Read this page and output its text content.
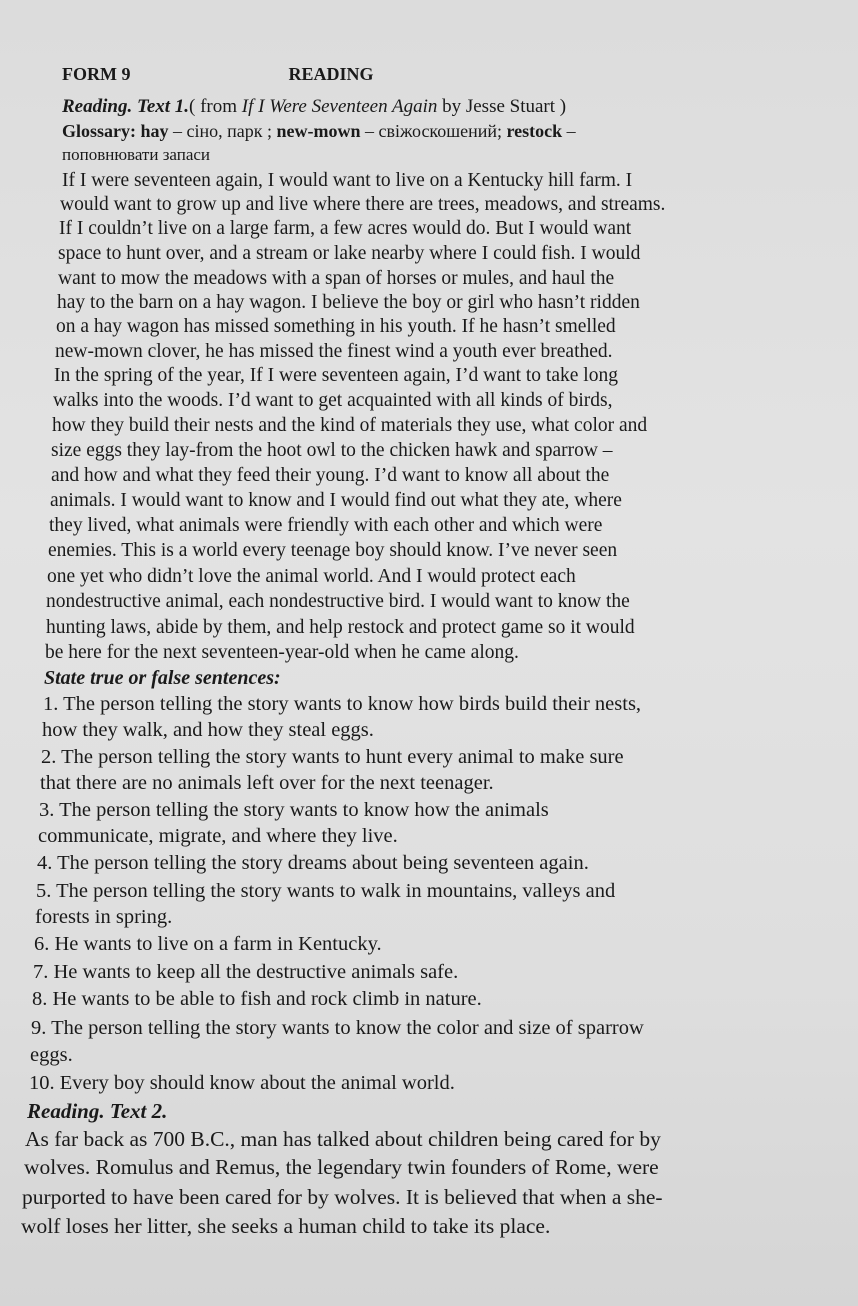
FORM 9	READING
Reading. Text 1.( from If I Were Seventeen Again by Jesse Stuart )
Glossary: hay – сіно, парк ; new-mown – свіжоскошений; restock –
поповнювати запаси
If I were seventeen again, I would want to live on a Kentucky hill farm. I
would want to grow up and live where there are trees, meadows, and streams.
If I couldn’t live on a large farm, a few acres would do. But I would want
space to hunt over, and a stream or lake nearby where I could fish. I would
want to mow the meadows with a span of horses or mules, and haul the
hay to the barn on a hay wagon. I believe the boy or girl who hasn’t ridden
on a hay wagon has missed something in his youth. If he hasn’t smelled
new-mown clover, he has missed the finest wind a youth ever breathed.
In the spring of the year, If I were seventeen again, I’d want to take long
walks into the woods. I’d want to get acquainted with all kinds of birds,
how they build their nests and the kind of materials they use, what color and
size eggs they lay-from the hoot owl to the chicken hawk and sparrow –
and how and what they feed their young. I’d want to know all about the
animals. I would want to know and I would find out what they ate, where
they lived, what animals were friendly with each other and which were
enemies. This is a world every teenage boy should know. I’ve never seen
one yet who didn’t love the animal world. And I would protect each
nondestructive animal, each nondestructive bird. I would want to know the
hunting laws, abide by them, and help restock and protect game so it would
be here for the next seventeen-year-old when he came along.
State true or false sentences:
1. The person telling the story wants to know how birds build their nests,
how they walk, and how they steal eggs.
2. The person telling the story wants to hunt every animal to make sure
that there are no animals left over for the next teenager.
3. The person telling the story wants to know how the animals
communicate, migrate, and where they live.
4. The person telling the story dreams about being seventeen again.
5. The person telling the story wants to walk in mountains, valleys and
forests in spring.
6. He wants to live on a farm in Kentucky.
7. He wants to keep all the destructive animals safe.
8. He wants to be able to fish and rock climb in nature.
9. The person telling the story wants to know the color and size of sparrow
eggs.
10. Every boy should know about the animal world.
Reading. Text 2.
As far back as 700 B.C., man has talked about children being cared for by
wolves. Romulus and Remus, the legendary twin founders of Rome, were
purported to have been cared for by wolves. It is believed that when a she-
wolf loses her litter, she seeks a human child to take its place.
